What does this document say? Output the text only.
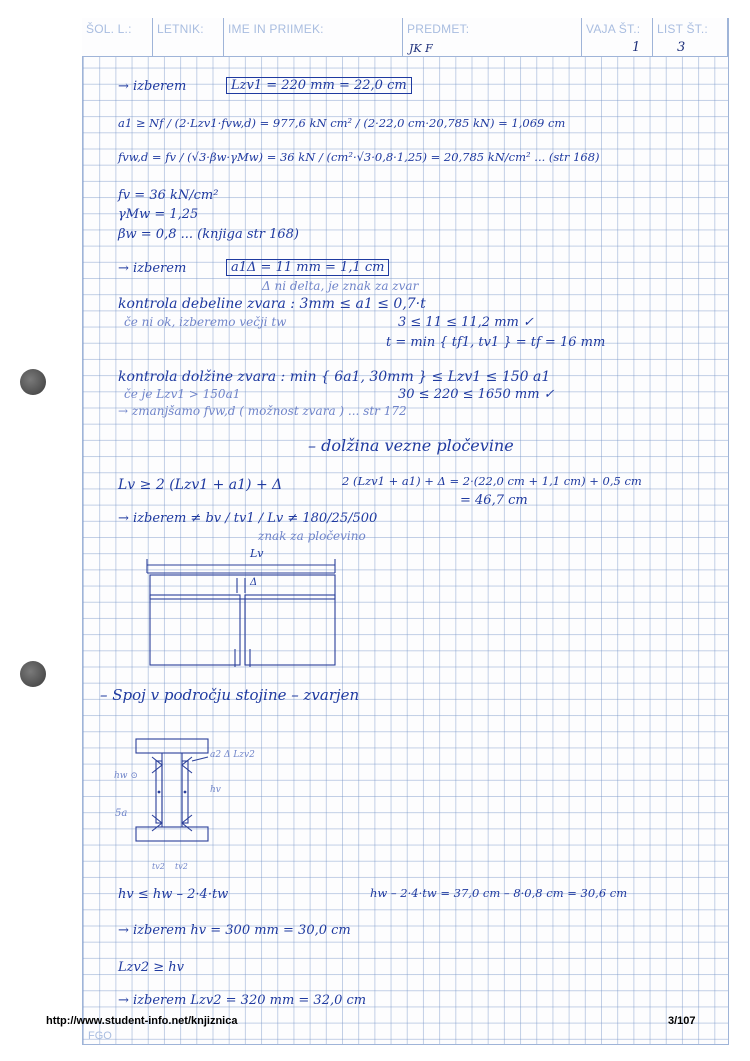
ŠOL. L.: LETNIK: IME IN PRIIMEK:	PREDMET:
JK F
VAJA ŠT.:
1
LIST ŠT.:
3
→ izberem	Lzv1 = 220 mm = 22,0 cm
a1 ≥ Nf / (2·Lzv1·fvw,d) = 977,6 kN cm² / (2·22,0 cm·20,785 kN) = 1,069 cm
fvw,d = fv / (√3·βw·γMw) = 36 kN / (cm²·√3·0,8·1,25) = 20,785 kN/cm² ... (str 168)
fv = 36 kN/cm²
γMw = 1,25
βw = 0,8 ... (knjiga str 168)
→ izberem	a1Δ = 11 mm = 1,1 cm
Δ ni delta, je znak za zvar
kontrola debeline zvara : 3mm ≤ a1 ≤ 0,7·t
če ni ok, izberemo večji tw	3 ≤ 11 ≤ 11,2 mm ✓
t = min { tf1, tv1 } = tf = 16 mm
kontrola dolžine zvara : min { 6a1, 30mm } ≤ Lzv1 ≤ 150 a1
če je Lzv1 > 150a1	30 ≤ 220 ≤ 1650 mm ✓
→ zmanjšamo fvw,d ( možnost zvara ) ... str 172
– dolžina vezne pločevine
Lv ≥ 2 (Lzv1 + a1) + Δ	2 (Lzv1 + a1) + Δ = 2·(22,0 cm + 1,1 cm) + 0,5 cm
= 46,7 cm
→ izberem ≠ bv / tv1 / Lv ≠ 180/25/500
znak za pločevino
Lv
Δ
– Spoj v področju stojine – zvarjen
a2 Δ Lzv2
hw ⊙
hv
5a
tv2 tv2
hv ≤ hw – 2·4·tw	hw – 2·4·tw = 37,0 cm – 8·0,8 cm = 30,6 cm
→ izberem hv = 300 mm = 30,0 cm
Lzv2 ≥ hv
→ izberem Lzv2 = 320 mm = 32,0 cm
http://www.student-info.net/knjiznica	3/107
FGO
